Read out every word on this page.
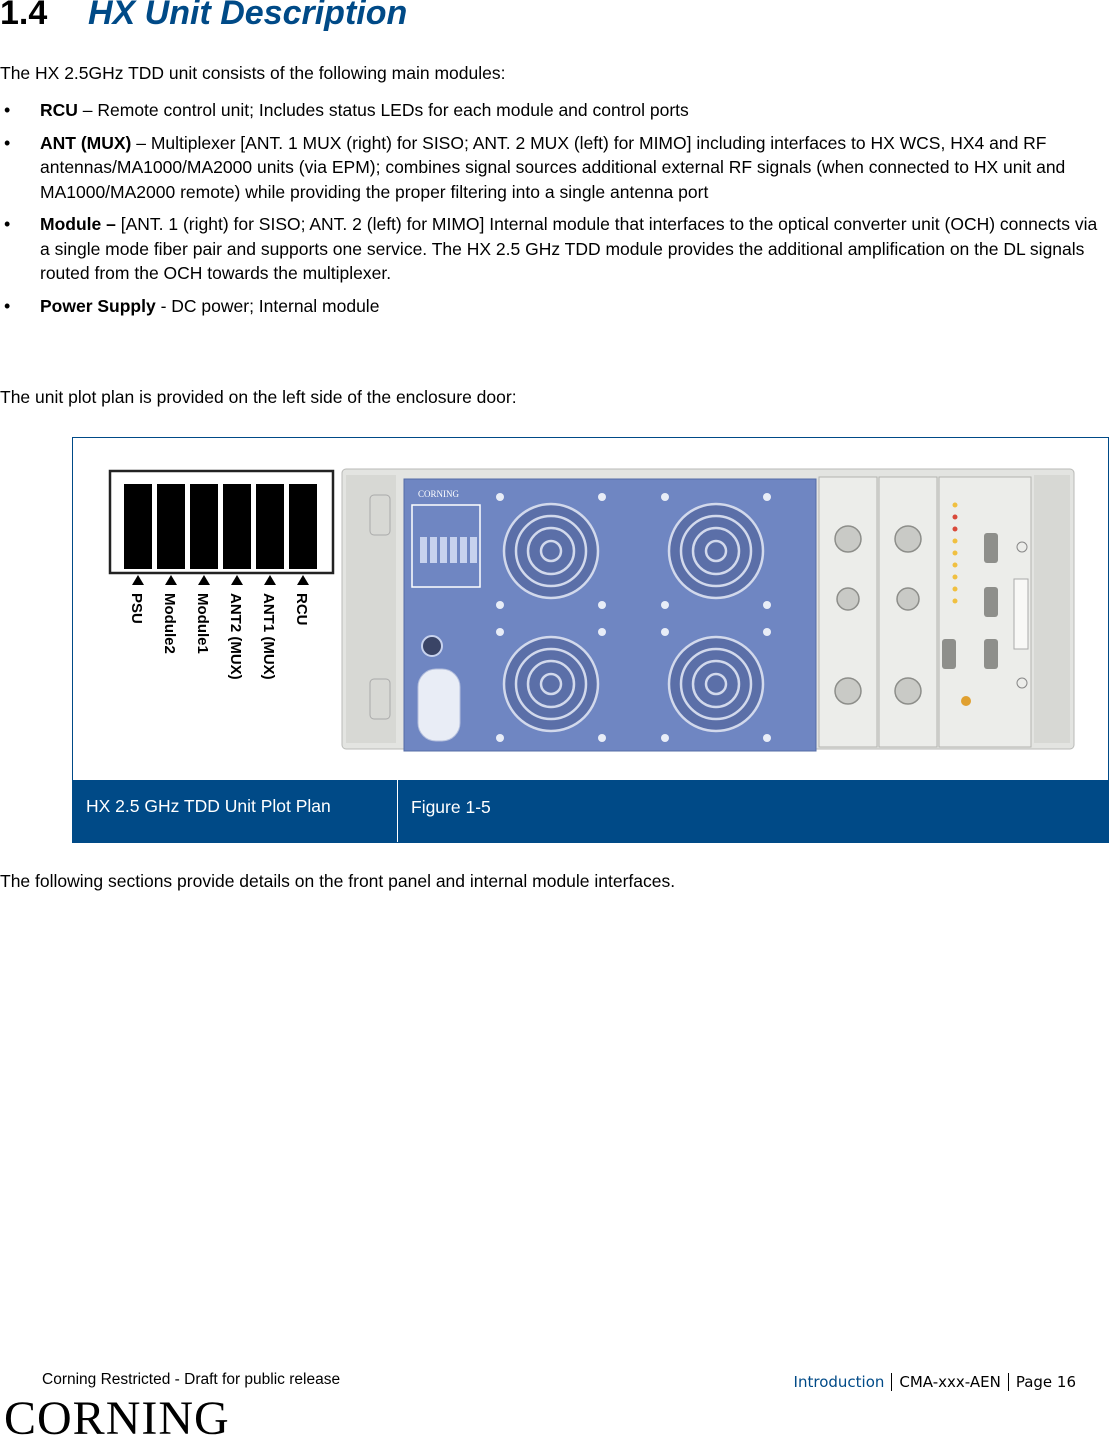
1.4 HX Unit Description

The HX 2.5GHz TDD unit consists of the following main modules:

• RCU – Remote control unit; Includes status LEDs for each module and control ports
• ANT (MUX) – Multiplexer [ANT. 1 MUX (right) for SISO; ANT. 2 MUX (left) for MIMO] including interfaces to HX WCS, HX4 and RF antennas/MA1000/MA2000 units (via EPM); combines signal sources additional external RF signals (when connected to HX unit and MA1000/MA2000 remote) while providing the proper filtering into a single antenna port
• Module – [ANT. 1 (right) for SISO; ANT. 2 (left) for MIMO] Internal module that interfaces to the optical converter unit (OCH) connects via a single mode fiber pair and supports one service. The HX 2.5 GHz TDD module provides the additional amplification on the DL signals routed from the OCH towards the multiplexer.
• Power Supply - DC power; Internal module

The unit plot plan is provided on the left side of the enclosure door:

PSU Module2 Module1 ANT2 (MUX) ANT1 (MUX) RCU
CORNING
HX 2.5 GHz TDD Unit Plot Plan	Figure 1-5

The following sections provide details on the front panel and internal module interfaces.

Corning Restricted - Draft for public release	Introduction	CMA-xxx-AEN	Page 16
CORNING
